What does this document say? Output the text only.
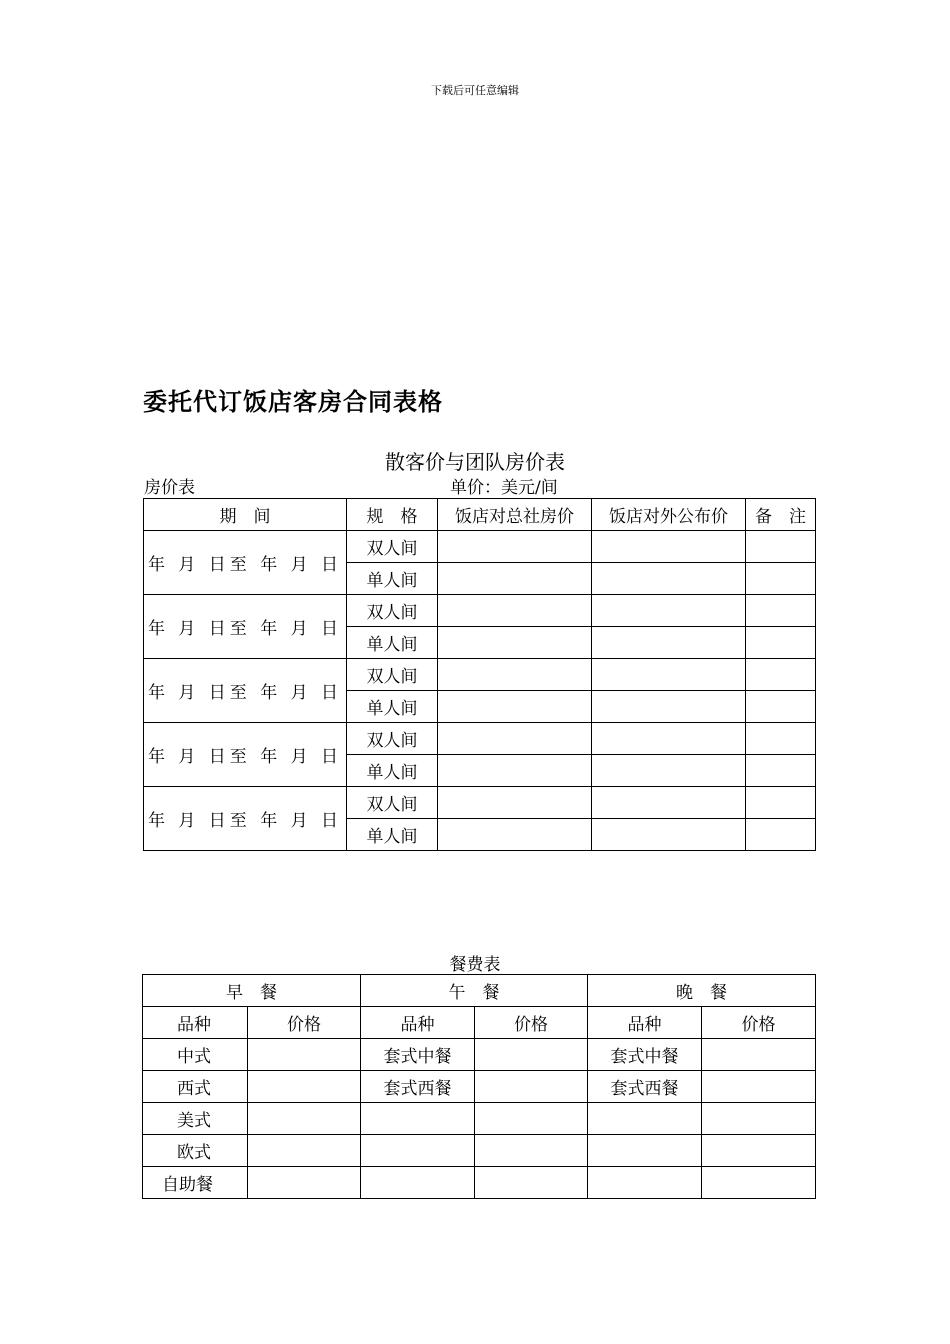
下载后可任意编辑
委托代订饭店客房合同表格
散客价与团队房价表
房价表	单价：美元/间
期　间	规　格	饭店对总社房价	饭店对外公布价	备　注
年 月 日至 年 月 日	双人间			
	单人间			
年 月 日至 年 月 日	双人间			
	单人间			
年 月 日至 年 月 日	双人间			
	单人间			
年 月 日至 年 月 日	双人间			
	单人间			
年 月 日至 年 月 日	双人间			
	单人间			
餐费表
早　餐		午　餐		晚　餐	
品种	价格	品种	价格	品种	价格
中式		套式中餐		套式中餐	
西式		套式西餐		套式西餐	
美式					
欧式					
自助餐					
